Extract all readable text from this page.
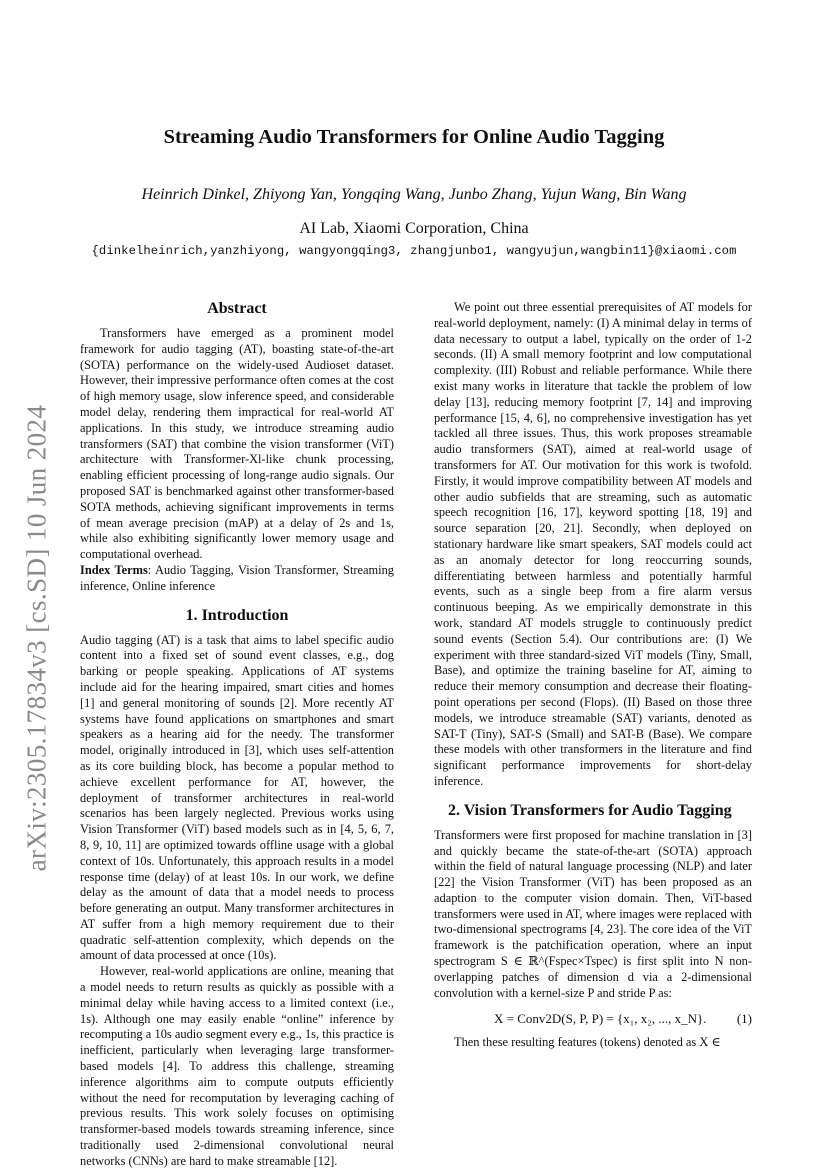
arXiv:2305.17834v3 [cs.SD] 10 Jun 2024
Streaming Audio Transformers for Online Audio Tagging
Heinrich Dinkel, Zhiyong Yan, Yongqing Wang, Junbo Zhang, Yujun Wang, Bin Wang
AI Lab, Xiaomi Corporation, China
{dinkelheinrich,yanzhiyong, wangyongqing3, zhangjunbo1, wangyujun,wangbin11}@xiaomi.com
Abstract

Transformers have emerged as a prominent model framework for audio tagging (AT), boasting state-of-the-art (SOTA) performance on the widely-used Audioset dataset. However, their impressive performance often comes at the cost of high memory usage, slow inference speed, and considerable model delay, rendering them impractical for real-world AT applications. In this study, we introduce streaming audio transformers (SAT) that combine the vision transformer (ViT) architecture with Transformer-Xl-like chunk processing, enabling efficient processing of long-range audio signals. Our proposed SAT is benchmarked against other transformer-based SOTA methods, achieving significant improvements in terms of mean average precision (mAP) at a delay of 2s and 1s, while also exhibiting significantly lower memory usage and computational overhead.
Index Terms: Audio Tagging, Vision Transformer, Streaming inference, Online inference

1. Introduction

Audio tagging (AT) is a task that aims to label specific audio content into a fixed set of sound event classes, e.g., dog barking or people speaking. Applications of AT systems include aid for the hearing impaired, smart cities and homes [1] and general monitoring of sounds [2]. More recently AT systems have found applications on smartphones and smart speakers as a hearing aid for the needy. The transformer model, originally introduced in [3], which uses self-attention as its core building block, has become a popular method to achieve excellent performance for AT, however, the deployment of transformer architectures in real-world scenarios has been largely neglected. Previous works using Vision Transformer (ViT) based models such as in [4, 5, 6, 7, 8, 9, 10, 11] are optimized towards offline usage with a global context of 10s. Unfortunately, this approach results in a model response time (delay) of at least 10s. In our work, we define delay as the amount of data that a model needs to process before generating an output. Many transformer architectures in AT suffer from a high memory requirement due to their quadratic self-attention complexity, which depends on the amount of data processed at once (10s).

However, real-world applications are online, meaning that a model needs to return results as quickly as possible with a minimal delay while having access to a limited context (i.e., 1s). Although one may easily enable “online” inference by recomputing a 10s audio segment every e.g., 1s, this practice is inefficient, particularly when leveraging large transformer-based models [4]. To address this challenge, streaming inference algorithms aim to compute outputs efficiently without the need for recomputation by leveraging caching of previous results. This work solely focuses on optimising transformer-based models towards streaming inference, since traditionally used 2-dimensional convolutional neural networks (CNNs) are hard to make streamable [12].

We point out three essential prerequisites of AT models for real-world deployment, namely: (I) A minimal delay in terms of data necessary to output a label, typically on the order of 1-2 seconds. (II) A small memory footprint and low computational complexity. (III) Robust and reliable performance. While there exist many works in literature that tackle the problem of low delay [13], reducing memory footprint [7, 14] and improving performance [15, 4, 6], no comprehensive investigation has yet tackled all three issues. Thus, this work proposes streamable audio transformers (SAT), aimed at real-world usage of transformers for AT. Our motivation for this work is twofold. Firstly, it would improve compatibility between AT models and other audio subfields that are streaming, such as automatic speech recognition [16, 17], keyword spotting [18, 19] and source separation [20, 21]. Secondly, when deployed on stationary hardware like smart speakers, SAT models could act as an anomaly detector for long reoccurring sounds, differentiating between harmless and potentially harmful events, such as a single beep from a fire alarm versus continuous beeping. As we empirically demonstrate in this work, standard AT models struggle to continuously predict sound events (Section 5.4). Our contributions are: (I) We experiment with three standard-sized ViT models (Tiny, Small, Base), and optimize the training baseline for AT, aiming to reduce their memory consumption and decrease their floating-point operations per second (Flops). (II) Based on those three models, we introduce streamable (SAT) variants, denoted as SAT-T (Tiny), SAT-S (Small) and SAT-B (Base). We compare these models with other transformers in the literature and find significant performance improvements for short-delay inference.

2. Vision Transformers for Audio Tagging

Transformers were first proposed for machine translation in [3] and quickly became the state-of-the-art (SOTA) approach within the field of natural language processing (NLP) and later [22] the Vision Transformer (ViT) has been proposed as an adaption to the computer vision domain. Then, ViT-based transformers were used in AT, where images were replaced with two-dimensional spectrograms [4, 23]. The core idea of the ViT framework is the patchification operation, where an input spectrogram S ∈ ℝ^(Fspec×Tspec) is first split into N non-overlapping patches of dimension d via a 2-dimensional convolution with a kernel-size P and stride P as:

X = Conv2D(S, P, P) = {x₁, x₂, ..., x_N}. (1)

Then these resulting features (tokens) denoted as X ∈
